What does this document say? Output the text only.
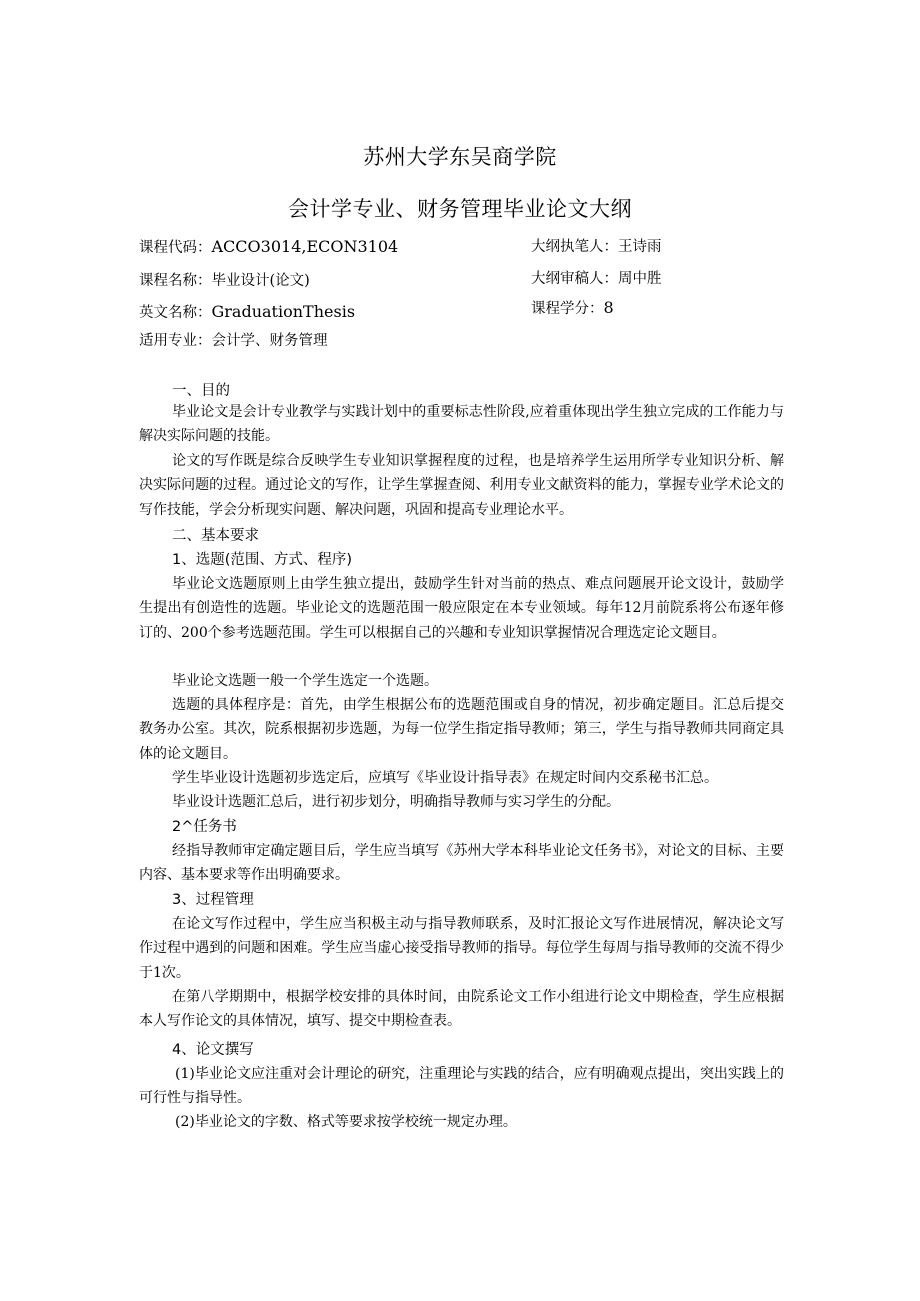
苏州大学东吴商学院
会计学专业、财务管理毕业论文大纲
课程代码：ACCO3014,ECON3104
课程名称：毕业设计(论文)
英文名称：GraduationThesis
适用专业：会计学、财务管理
大纲执笔人：王诗雨
大纲审稿人：周中胜
课程学分：8
一、目的
毕业论文是会计专业教学与实践计划中的重要标志性阶段,应着重体现出学生独立完成的工作能力与解决实际问题的技能。
论文的写作既是综合反映学生专业知识掌握程度的过程，也是培养学生运用所学专业知识分析、解决实际问题的过程。通过论文的写作，让学生掌握查阅、利用专业文献资料的能力，掌握专业学术论文的写作技能，学会分析现实问题、解决问题，巩固和提高专业理论水平。
二、基本要求
1、选题(范围、方式、程序)
毕业论文选题原则上由学生独立提出，鼓励学生针对当前的热点、难点问题展开论文设计，鼓励学生提出有创造性的选题。毕业论文的选题范围一般应限定在本专业领域。每年12月前院系将公布逐年修订的、200个参考选题范围。学生可以根据自己的兴趣和专业知识掌握情况合理选定论文题目。
毕业论文选题一般一个学生选定一个选题。
选题的具体程序是：首先，由学生根据公布的选题范围或自身的情况，初步确定题目。汇总后提交教务办公室。其次，院系根据初步选题，为每一位学生指定指导教师；第三，学生与指导教师共同商定具体的论文题目。
学生毕业设计选题初步选定后，应填写《毕业设计指导表》在规定时间内交系秘书汇总。
毕业设计选题汇总后，进行初步划分，明确指导教师与实习学生的分配。
2^任务书
经指导教师审定确定题目后，学生应当填写《苏州大学本科毕业论文任务书》，对论文的目标、主要内容、基本要求等作出明确要求。
3、过程管理
在论文写作过程中，学生应当积极主动与指导教师联系，及时汇报论文写作进展情况，解决论文写作过程中遇到的问题和困难。学生应当虚心接受指导教师的指导。每位学生每周与指导教师的交流不得少于1次。
在第八学期期中，根据学校安排的具体时间，由院系论文工作小组进行论文中期检查，学生应根据本人写作论文的具体情况，填写、提交中期检查表。
4、论文撰写
(1)毕业论文应注重对会计理论的研究，注重理论与实践的结合，应有明确观点提出，突出实践上的可行性与指导性。
(2)毕业论文的字数、格式等要求按学校统一规定办理。
